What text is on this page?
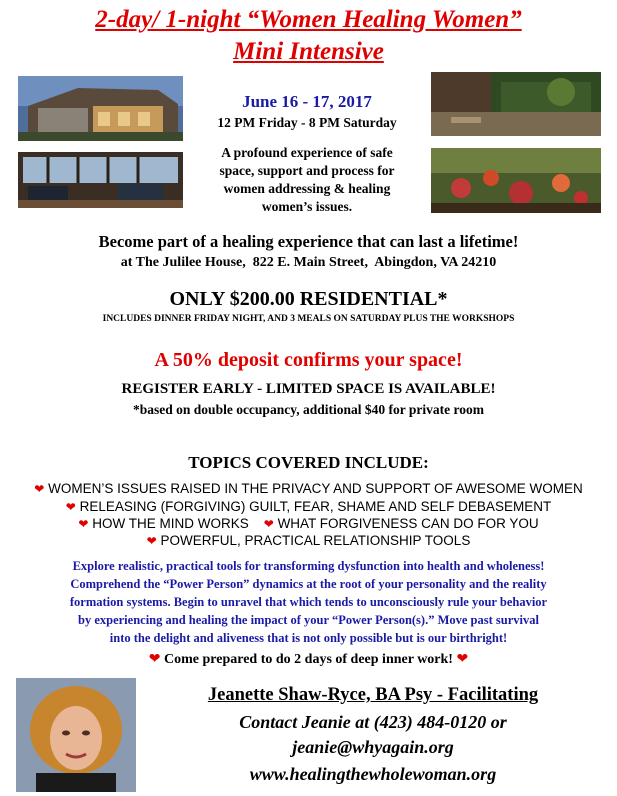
2-day/ 1-night “Women Healing Women”
Mini Intensive
June 16 - 17, 2017
12 PM Friday - 8 PM Saturday
A profound experience of safe
space, support and process for
women addressing & healing
women’s issues.
Become part of a healing experience that can last a lifetime!
at The Julilee House,  822 E. Main Street,  Abingdon, VA 24210
ONLY $200.00 RESIDENTIAL*
INCLUDES DINNER FRIDAY NIGHT, AND 3 MEALS ON SATURDAY PLUS THE WORKSHOPS
A 50% deposit confirms your space!
REGISTER EARLY - LIMITED SPACE IS AVAILABLE!
*based on double occupancy, additional $40 for private room
TOPICS COVERED INCLUDE:
❤ WOMEN’S ISSUES RAISED IN THE PRIVACY AND SUPPORT OF AWESOME WOMEN
❤ RELEASING (FORGIVING) GUILT, FEAR, SHAME AND SELF DEBASEMENT
❤ HOW THE MIND WORKS ❤ WHAT FORGIVENESS CAN DO FOR YOU
❤ POWERFUL, PRACTICAL RELATIONSHIP TOOLS
Explore realistic, practical tools for transforming dysfunction into health and wholeness!
Comprehend the “Power Person” dynamics at the root of your personality and the reality
formation systems. Begin to unravel that which tends to unconsciously rule your behavior
by experiencing and healing the impact of your “Power Person(s).” Move past survival
into the delight and aliveness that is not only possible but is our birthright!
❤ Come prepared to do 2 days of deep inner work! ❤
Jeanette Shaw-Ryce, BA Psy - Facilitating
Contact Jeanie at (423) 484-0120 or
jeanie@whyagain.org
www.healingthewholewoman.org
